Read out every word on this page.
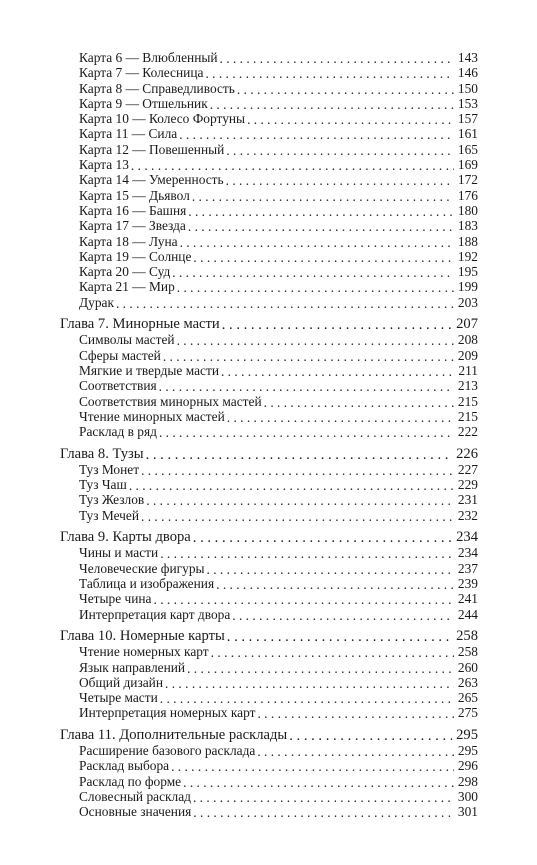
Карта 6 — Влюбленный . . .	143
Карта 7 — Колесница . . .	146
Карта 8 — Справедливость . . .	150
Карта 9 — Отшельник . . .	153
Карта 10 — Колесо Фортуны . . .	157
Карта 11 — Сила . . .	161
Карта 12 — Повешенный . . .	165
Карта 13 . . .	169
Карта 14 — Умеренность . . .	172
Карта 15 — Дьявол . . .	176
Карта 16 — Башня . . .	180
Карта 17 — Звезда . . .	183
Карта 18 — Луна . . .	188
Карта 19 — Солнце . . .	192
Карта 20 — Суд . . .	195
Карта 21 — Мир . . .	199
Дурак . . .	203
Глава 7. Минорные масти . . .	207
Символы мастей . . .	208
Сферы мастей . . .	209
Мягкие и твердые масти . . .	211
Соответствия . . .	213
Соответствия минорных мастей . . .	215
Чтение минорных мастей . . .	215
Расклад в ряд . . .	222
Глава 8. Тузы . . .	226
Туз Монет . . .	227
Туз Чаш . . .	229
Туз Жезлов . . .	231
Туз Мечей . . .	232
Глава 9. Карты двора . . .	234
Чины и масти . . .	234
Человеческие фигуры . . .	237
Таблица и изображения . . .	239
Четыре чина . . .	241
Интерпретация карт двора . . .	244
Глава 10. Номерные карты . . .	258
Чтение номерных карт . . .	258
Язык направлений . . .	260
Общий дизайн . . .	263
Четыре масти . . .	265
Интерпретация номерных карт . . .	275
Глава 11. Дополнительные расклады . . .	295
Расширение базового расклада . . .	295
Расклад выбора . . .	296
Расклад по форме . . .	298
Словесный расклад . . .	300
Основные значения . . .	301
